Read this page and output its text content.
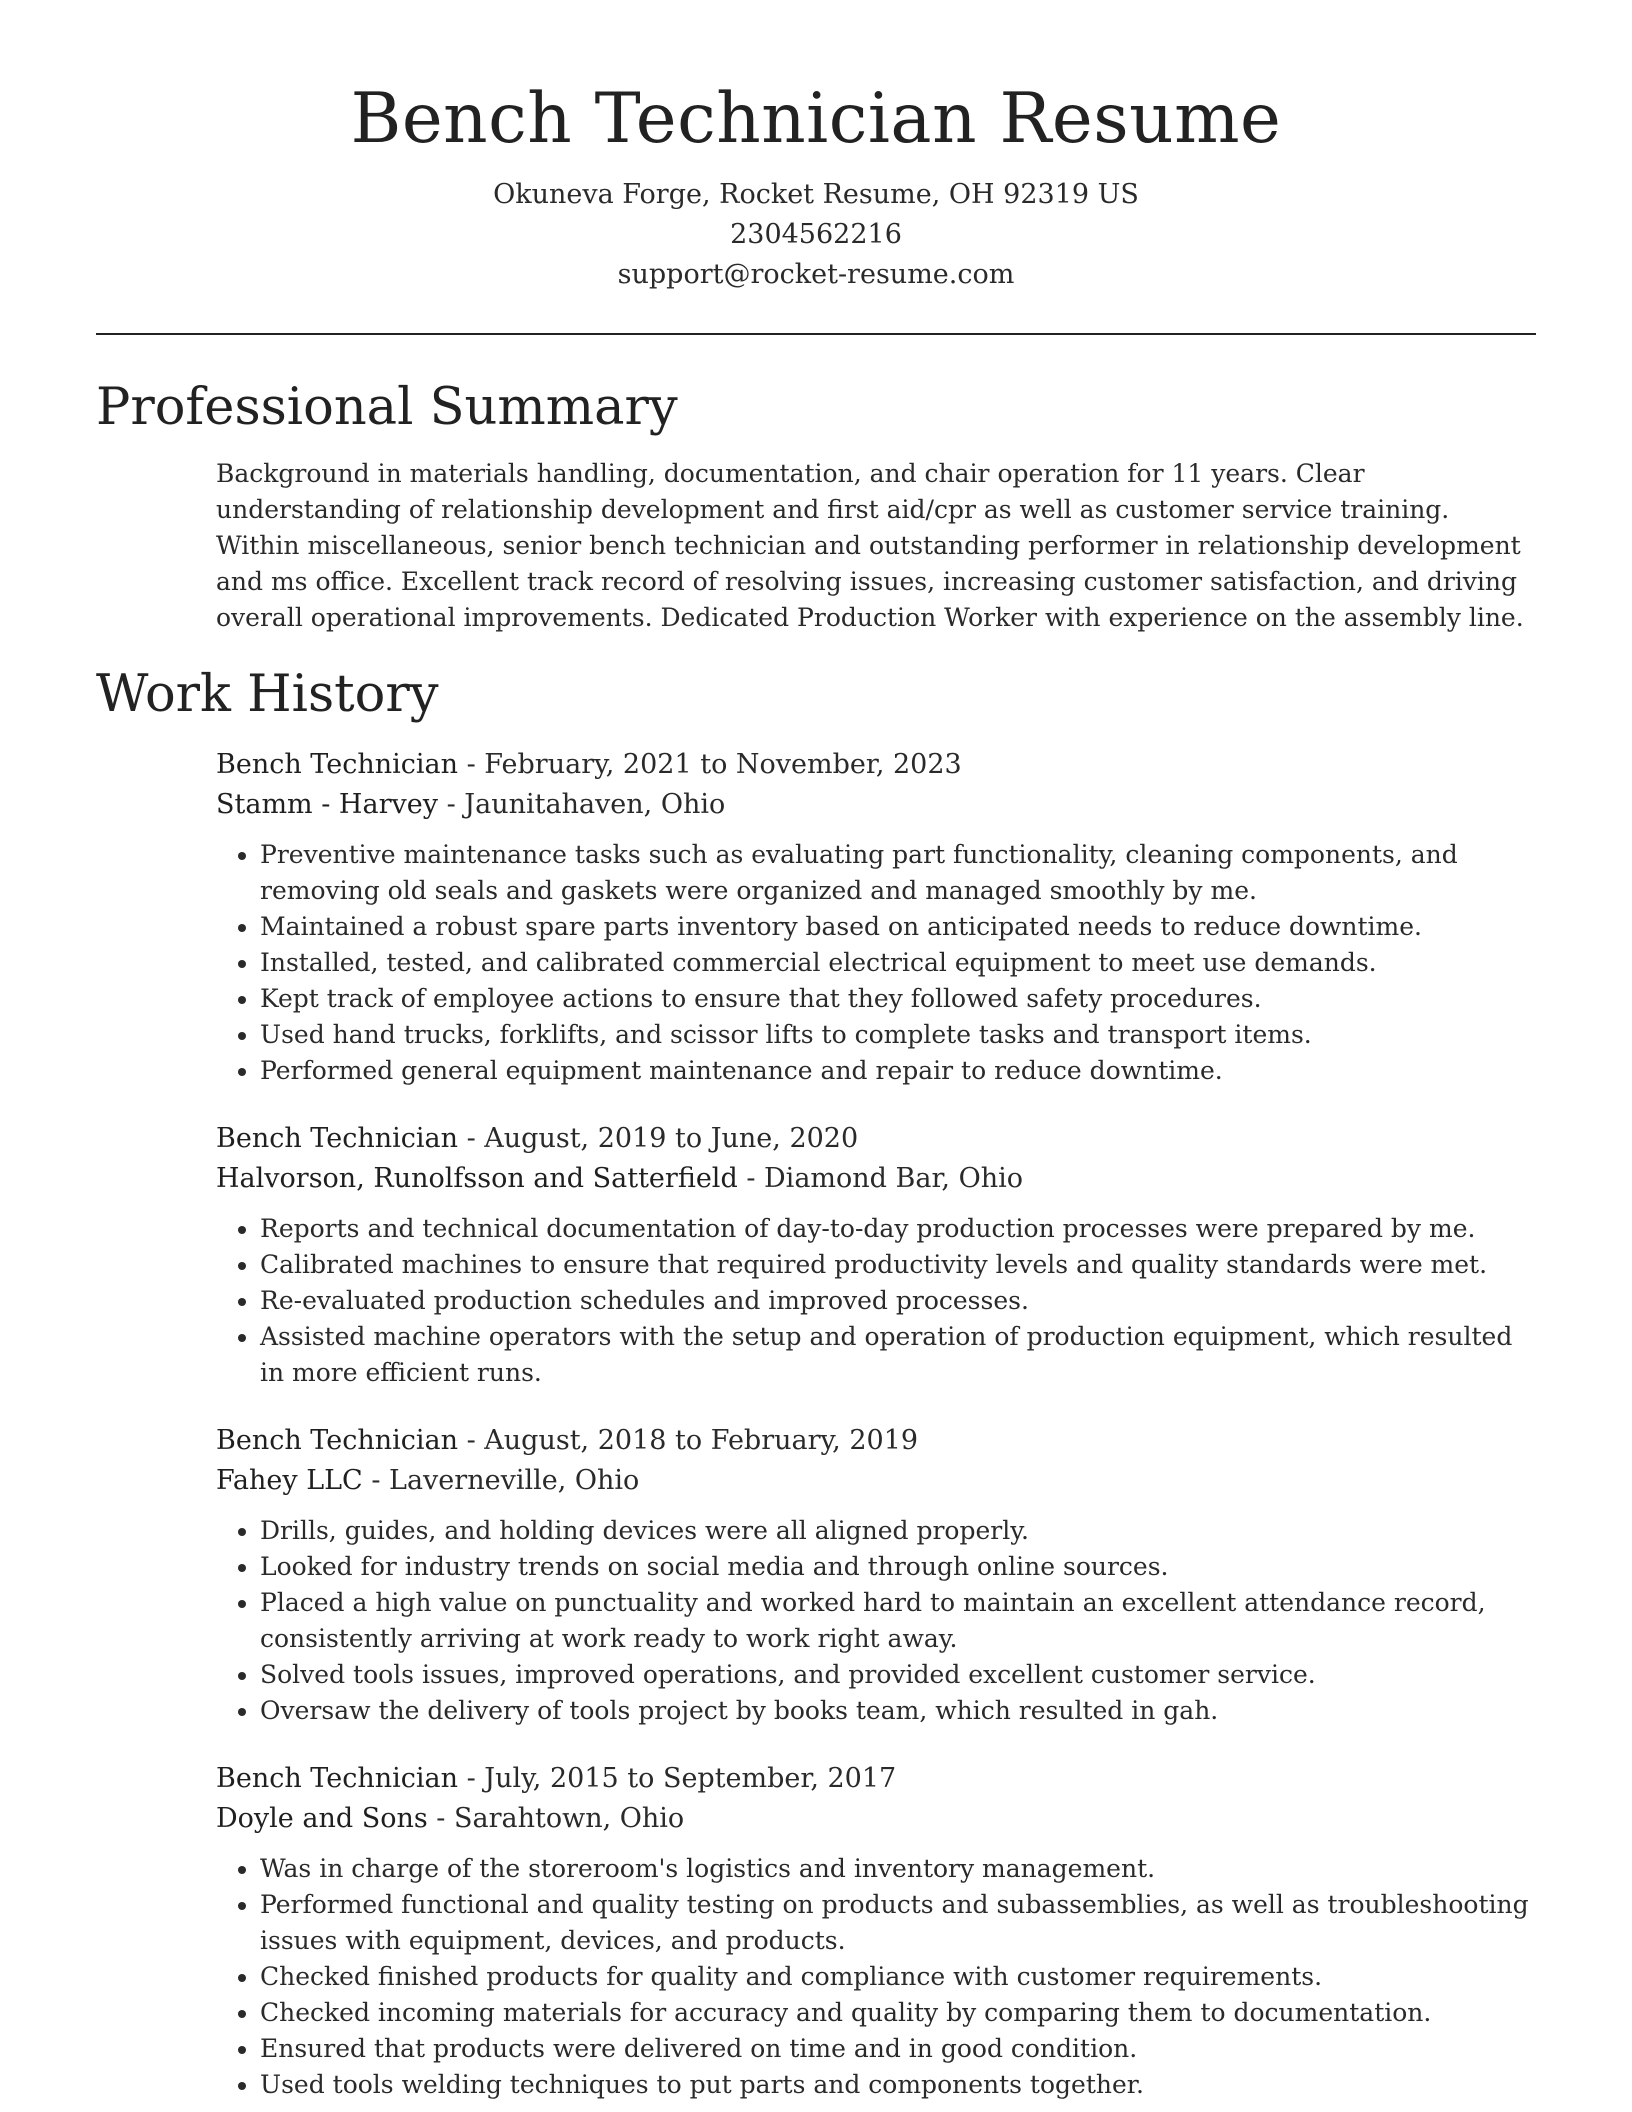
Bench Technician Resume
Okuneva Forge, Rocket Resume, OH 92319 US
2304562216
support@rocket-resume.com
Professional Summary

Background in materials handling, documentation, and chair operation for 11 years. Clear understanding of relationship development and first aid/cpr as well as customer service training. Within miscellaneous, senior bench technician and outstanding performer in relationship development and ms office. Excellent track record of resolving issues, increasing customer satisfaction, and driving overall operational improvements. Dedicated Production Worker with experience on the assembly line.

Work History
Bench Technician - February, 2021 to November, 2023
Stamm - Harvey - Jaunitahaven, Ohio
• Preventive maintenance tasks such as evaluating part functionality, cleaning components, and removing old seals and gaskets were organized and managed smoothly by me.
• Maintained a robust spare parts inventory based on anticipated needs to reduce downtime.
• Installed, tested, and calibrated commercial electrical equipment to meet use demands.
• Kept track of employee actions to ensure that they followed safety procedures.
• Used hand trucks, forklifts, and scissor lifts to complete tasks and transport items.
• Performed general equipment maintenance and repair to reduce downtime.
Bench Technician - August, 2019 to June, 2020
Halvorson, Runolfsson and Satterfield - Diamond Bar, Ohio
• Reports and technical documentation of day-to-day production processes were prepared by me.
• Calibrated machines to ensure that required productivity levels and quality standards were met.
• Re-evaluated production schedules and improved processes.
• Assisted machine operators with the setup and operation of production equipment, which resulted in more efficient runs.
Bench Technician - August, 2018 to February, 2019
Fahey LLC - Laverneville, Ohio
• Drills, guides, and holding devices were all aligned properly.
• Looked for industry trends on social media and through online sources.
• Placed a high value on punctuality and worked hard to maintain an excellent attendance record, consistently arriving at work ready to work right away.
• Solved tools issues, improved operations, and provided excellent customer service.
• Oversaw the delivery of tools project by books team, which resulted in gah.
Bench Technician - July, 2015 to September, 2017
Doyle and Sons - Sarahtown, Ohio
• Was in charge of the storeroom's logistics and inventory management.
• Performed functional and quality testing on products and subassemblies, as well as troubleshooting issues with equipment, devices, and products.
• Checked finished products for quality and compliance with customer requirements.
• Checked incoming materials for accuracy and quality by comparing them to documentation.
• Ensured that products were delivered on time and in good condition.
• Used tools welding techniques to put parts and components together.
